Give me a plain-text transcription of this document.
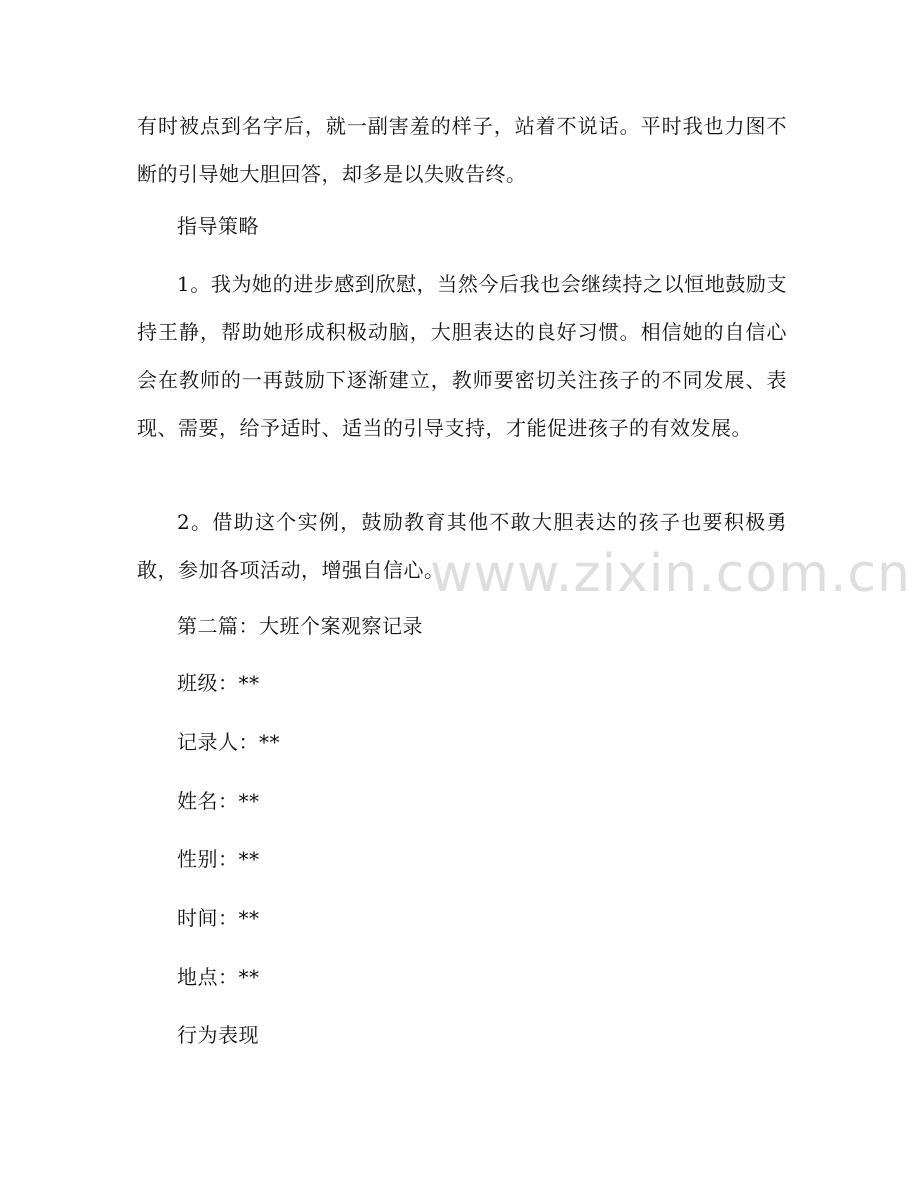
有时被点到名字后，就一副害羞的样子，站着不说话。平时我也力图不断的引导她大胆回答，却多是以失败告终。
指导策略
1。我为她的进步感到欣慰，当然今后我也会继续持之以恒地鼓励支持王静，帮助她形成积极动脑，大胆表达的良好习惯。相信她的自信心会在教师的一再鼓励下逐渐建立，教师要密切关注孩子的不同发展、表现、需要，给予适时、适当的引导支持，才能促进孩子的有效发展。
2。借助这个实例，鼓励教育其他不敢大胆表达的孩子也要积极勇敢，参加各项活动，增强自信心。
第二篇：大班个案观察记录
班级：**
记录人：**
姓名：**
性别：**
时间：**
地点：**
行为表现
www.zixin.com.cn
